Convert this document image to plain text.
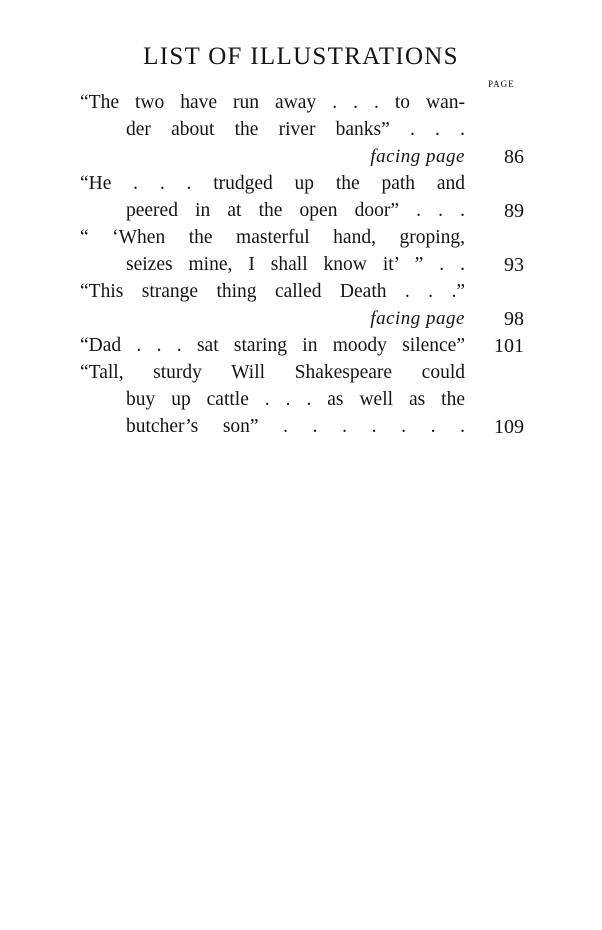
LIST OF ILLUSTRATIONS
PAGE
“The two have run away . . . to wan-
der about the river banks” . . .
facing page	86
“He . . . trudged up the path and
peered in at the open door” . . .	89
“ ‘When the masterful hand, groping,
seizes mine, I shall know it’ ” . .	93
“This strange thing called Death . . .”
facing page	98
“Dad . . . sat staring in moody silence”	101
“Tall, sturdy Will Shakespeare could
buy up cattle . . . as well as the
butcher’s son” . . . . . . .	109
